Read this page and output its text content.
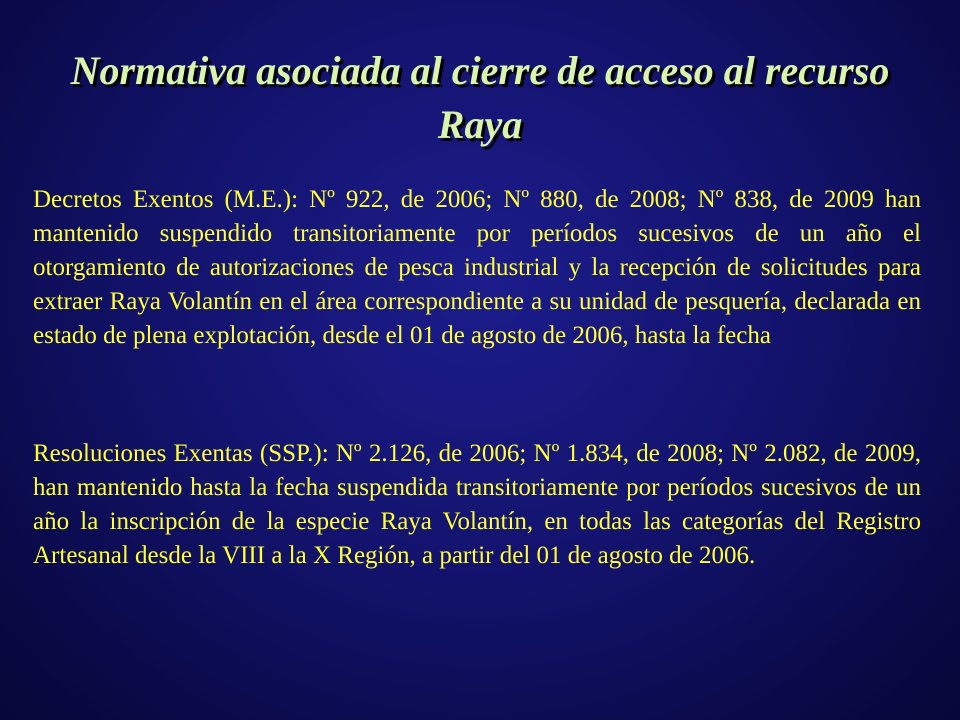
Normativa asociada al cierre de acceso al recurso Raya

Decretos Exentos (M.E.): Nº 922, de 2006; Nº 880, de 2008; Nº 838, de 2009 han mantenido suspendido transitoriamente por períodos sucesivos de un año el otorgamiento de autorizaciones de pesca industrial y la recepción de solicitudes para extraer Raya Volantín en el área correspondiente a su unidad de pesquería, declarada en estado de plena explotación, desde el 01 de agosto de 2006, hasta la fecha

Resoluciones Exentas (SSP.): Nº 2.126, de 2006; Nº 1.834, de 2008; Nº 2.082, de 2009, han mantenido hasta la fecha suspendida transitoriamente por períodos sucesivos de un año la inscripción de la especie Raya Volantín, en todas las categorías del Registro Artesanal desde la VIII a la X Región, a partir del 01 de agosto de 2006.
